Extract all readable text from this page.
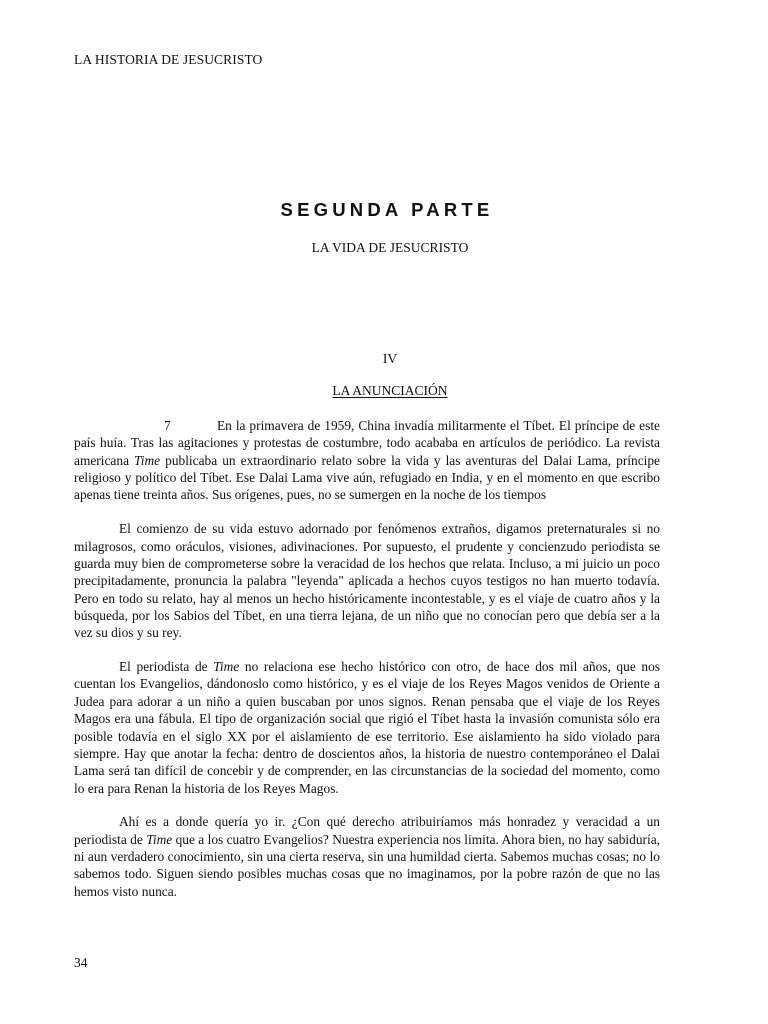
LA HISTORIA DE JESUCRISTO
SEGUNDA PARTE
LA VIDA DE JESUCRISTO
IV
LA ANUNCIACIÓN

7	En la primavera de 1959, China invadía militarmente el Tíbet. El príncipe de este país huía. Tras las agitaciones y protestas de costumbre, todo acababa en artículos de periódico. La revista americana Time publicaba un extraordinario relato sobre la vida y las aventuras del Dalai Lama, príncipe religioso y político del Tíbet. Ese Dalai Lama vive aún, refugiado en India, y en el momento en que escribo apenas tiene treinta años. Sus orígenes, pues, no se sumergen en la noche de los tiempos

El comienzo de su vida estuvo adornado por fenómenos extraños, digamos preternaturales si no milagrosos, como oráculos, visiones, adivinaciones. Por supuesto, el prudente y concienzudo periodista se guarda muy bien de comprometerse sobre la veracidad de los hechos que relata. Incluso, a mi juicio un poco precipitadamente, pronuncia la palabra "leyenda" aplicada a hechos cuyos testigos no han muerto todavía. Pero en todo su relato, hay al menos un hecho históricamente incontestable, y es el viaje de cuatro años y la búsqueda, por los Sabios del Tíbet, en una tierra lejana, de un niño que no conocían pero que debía ser a la vez su dios y su rey.

El periodista de Time no relaciona ese hecho histórico con otro, de hace dos mil años, que nos cuentan los Evangelios, dándonoslo como histórico, y es el viaje de los Reyes Magos venidos de Oriente a Judea para adorar a un niño a quien buscaban por unos signos. Renan pensaba que el viaje de los Reyes Magos era una fábula. El tipo de organización social que rigió el Tíbet hasta la invasión comunista sólo era posible todavía en el siglo XX por el aislamiento de ese territorio. Ese aislamiento ha sido violado para siempre. Hay que anotar la fecha: dentro de doscientos años, la historia de nuestro contemporáneo el Dalai Lama será tan difícil de concebir y de comprender, en las circunstancias de la sociedad del momento, como lo era para Renan la historia de los Reyes Magos.

Ahí es a donde quería yo ir. ¿Con qué derecho atribuiríamos más honradez y veracidad a un periodista de Time que a los cuatro Evangelios? Nuestra experiencia nos limita. Ahora bien, no hay sabiduría, ni aun verdadero conocimiento, sin una cierta reserva, sin una humildad cierta. Sabemos muchas cosas; no lo sabemos todo. Siguen siendo posibles muchas cosas que no imaginamos, por la pobre razón de que no las hemos visto nunca.

34
